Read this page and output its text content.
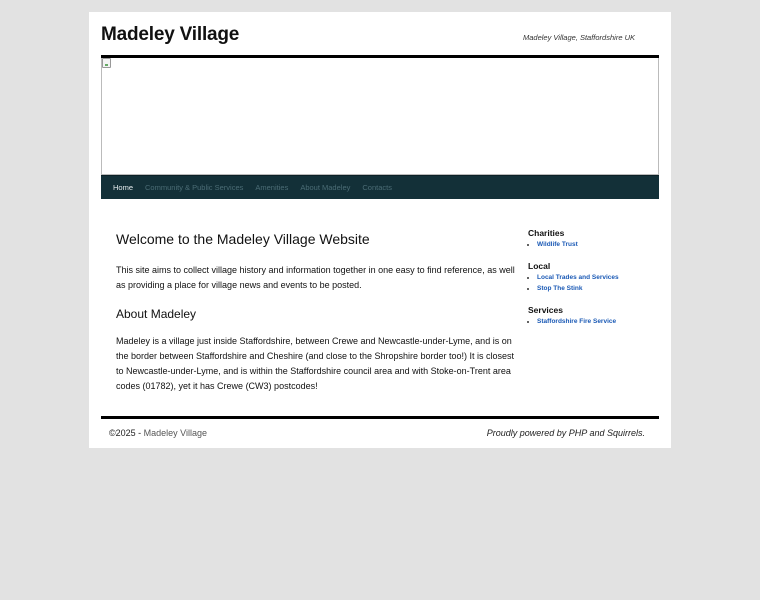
Madeley Village	Madeley Village, Staffordshire UK
Home	Community & Public Services	Amenities	About Madeley	Contacts
Welcome to the Madeley Village Website

This site aims to collect village history and information together in one easy to find reference, as well as providing a place for village news and events to be posted.

About Madeley

Madeley is a village just inside Staffordshire, between Crewe and Newcastle-under-Lyme, and is on the border between Staffordshire and Cheshire (and close to the Shropshire border too!) It is closest to Newcastle-under-Lyme, and is within the Staffordshire council area and with Stoke-on-Trent area codes (01782), yet it has Crewe (CW3) postcodes!

Charities
• Wildlife Trust
Local
• Local Trades and Services
• Stop The Stink
Services
• Staffordshire Fire Service
©2025 - Madeley Village	Proudly powered by PHP and Squirrels.
